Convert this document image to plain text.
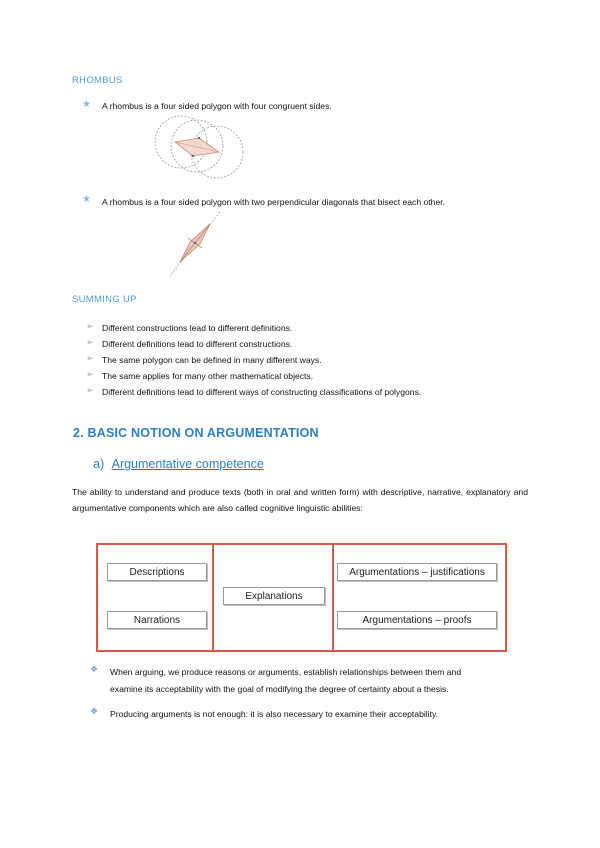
RHOMBUS
★ A rhombus is a four sided polygon with four congruent sides.
★ A rhombus is a four sided polygon with two perpendicular diagonals that bisect each other.
SUMMING UP
➢ Different constructions lead to different definitions.
➢ Different definitions lead to different constructions.
➢ The same polygon can be defined in many different ways.
➢ The same applies for many other mathematical objects.
➢ Different definitions lead to different ways of constructing classifications of polygons.
2. BASIC NOTION ON ARGUMENTATION
a) Argumentative competence
The ability to understand and produce texts (both in oral and written form) with descriptive, narrative, explanatory and argumentative components which are also called cognitive linguistic abilities:
Descriptions
Narrations
Explanations
Argumentations – justifications
Argumentations – proofs
❖ When arguing, we produce reasons or arguments, establish relationships between them and
examine its acceptability with the goal of modifying the degree of certainty about a thesis.
❖ Producing arguments is not enough: it is also necessary to examine their acceptability.
